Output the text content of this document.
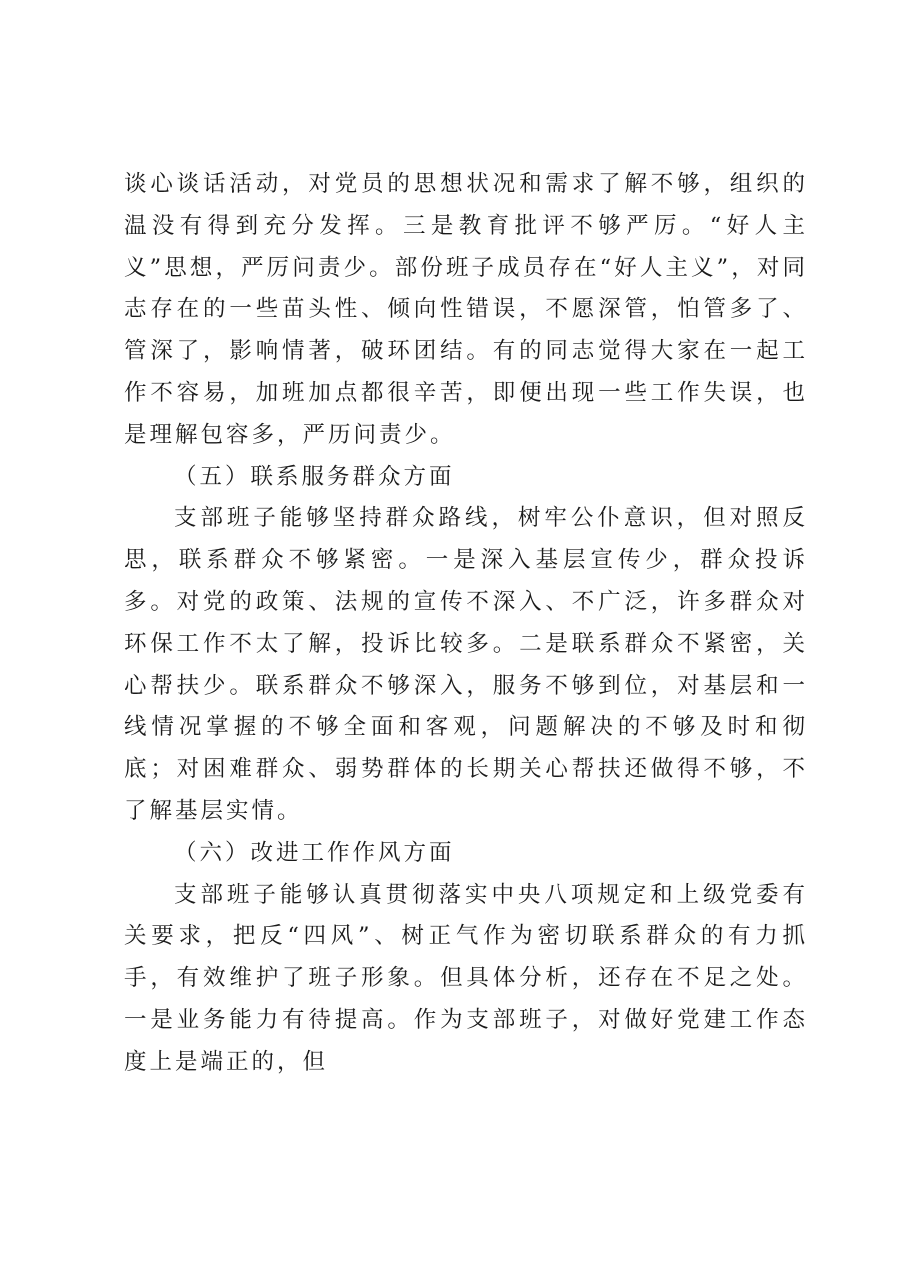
谈心谈话活动，对党员的思想状况和需求了解不够，组织的温没有得到充分发挥。三是教育批评不够严厉。“好人主义”思想，严厉问责少。部份班子成员存在“好人主义”，对同志存在的一些苗头性、倾向性错误，不愿深管，怕管多了、管深了，影响情著，破环团结。有的同志觉得大家在一起工作不容易，加班加点都很辛苦，即便出现一些工作失误，也是理解包容多，严历问责少。

（五）联系服务群众方面

支部班子能够坚持群众路线，树牢公仆意识，但对照反思，联系群众不够紧密。一是深入基层宣传少，群众投诉多。对党的政策、法规的宣传不深入、不广泛，许多群众对环保工作不太了解，投诉比较多。二是联系群众不紧密，关心帮扶少。联系群众不够深入，服务不够到位，对基层和一线情况掌握的不够全面和客观，问题解决的不够及时和彻底；对困难群众、弱势群体的长期关心帮扶还做得不够，不了解基层实情。

（六）改进工作作风方面

支部班子能够认真贯彻落实中央八项规定和上级党委有关要求，把反“四风”、树正气作为密切联系群众的有力抓手，有效维护了班子形象。但具体分析，还存在不足之处。一是业务能力有待提高。作为支部班子，对做好党建工作态度上是端正的，但
